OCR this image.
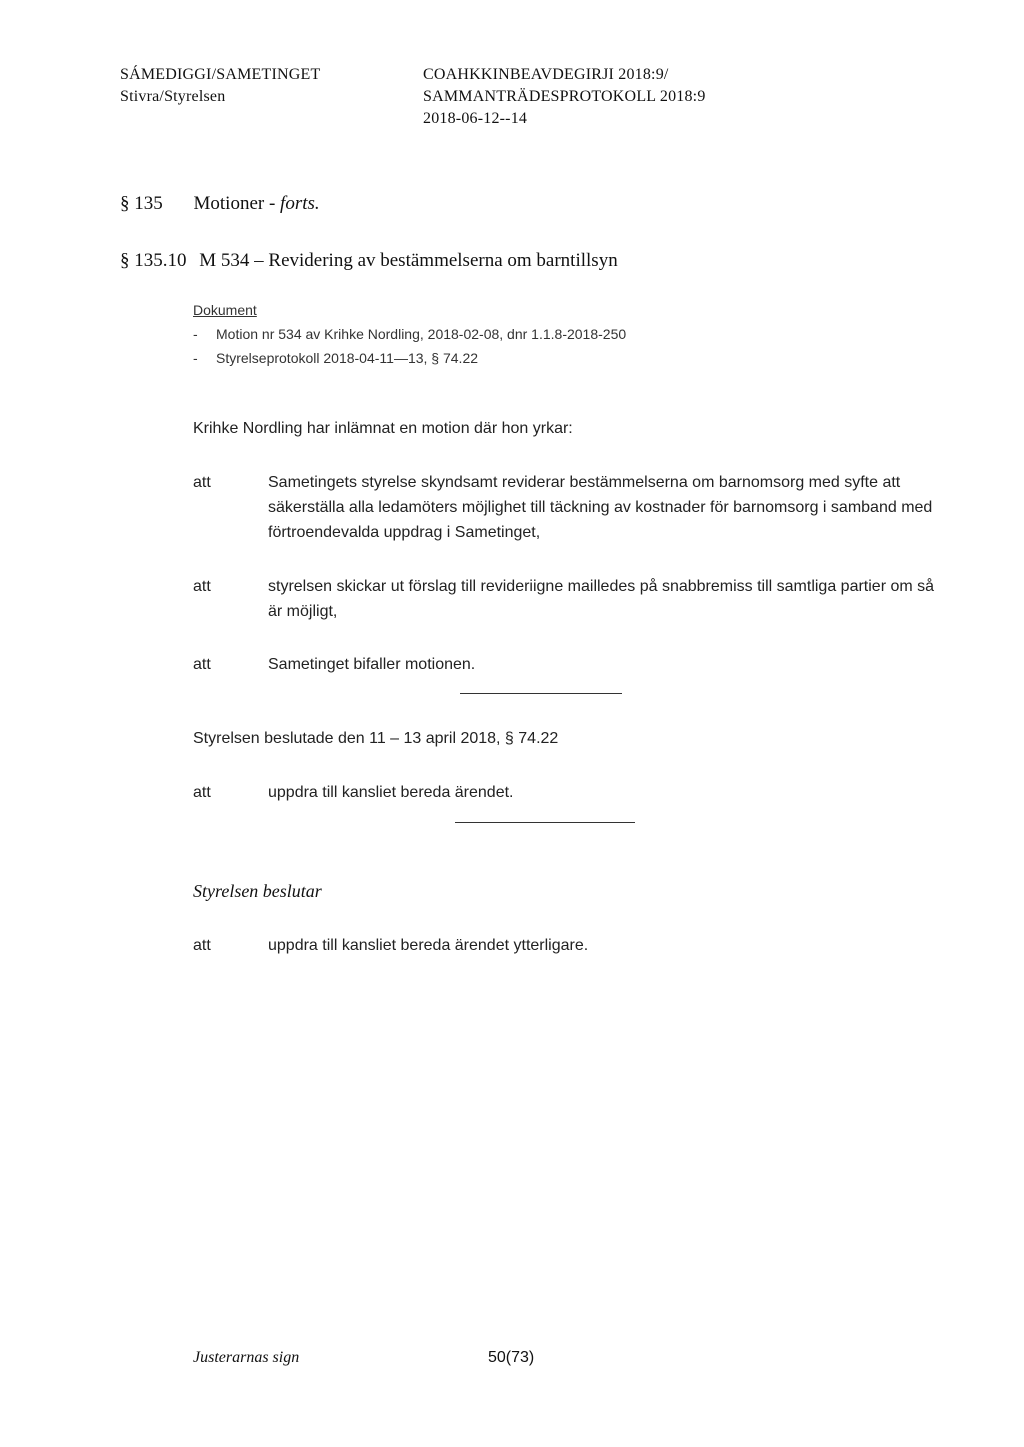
SÁMEDIGGI/SAMETINGET
Stivra/Styrelsen
COAHKKINBEAVDEGIRJI 2018:9/
SAMMANTRÄDESPROTOKOLL 2018:9
2018-06-12--14
§ 135 Motioner - forts.
§ 135.10 M 534 – Revidering av bestämmelserna om barntillsyn
Dokument
-	Motion nr 534 av Krihke Nordling, 2018-02-08, dnr 1.1.8-2018-250
-	Styrelseprotokoll 2018-04-11—13, § 74.22
Krihke Nordling har inlämnat en motion där hon yrkar:
att	Sametingets styrelse skyndsamt reviderar bestämmelserna om barnomsorg med syfte att säkerställa alla ledamöters möjlighet till täckning av kostnader för barnomsorg i samband med förtroendevalda uppdrag i Sametinget,
att	styrelsen skickar ut förslag till revideriigne mailledes på snabbremiss till samtliga partier om så är möjligt,
att	Sametinget bifaller motionen.
Styrelsen beslutade den 11 – 13 april 2018, § 74.22
att	uppdra till kansliet bereda ärendet.
Styrelsen beslutar
att	uppdra till kansliet bereda ärendet ytterligare.
Justerarnas sign	50(73)
